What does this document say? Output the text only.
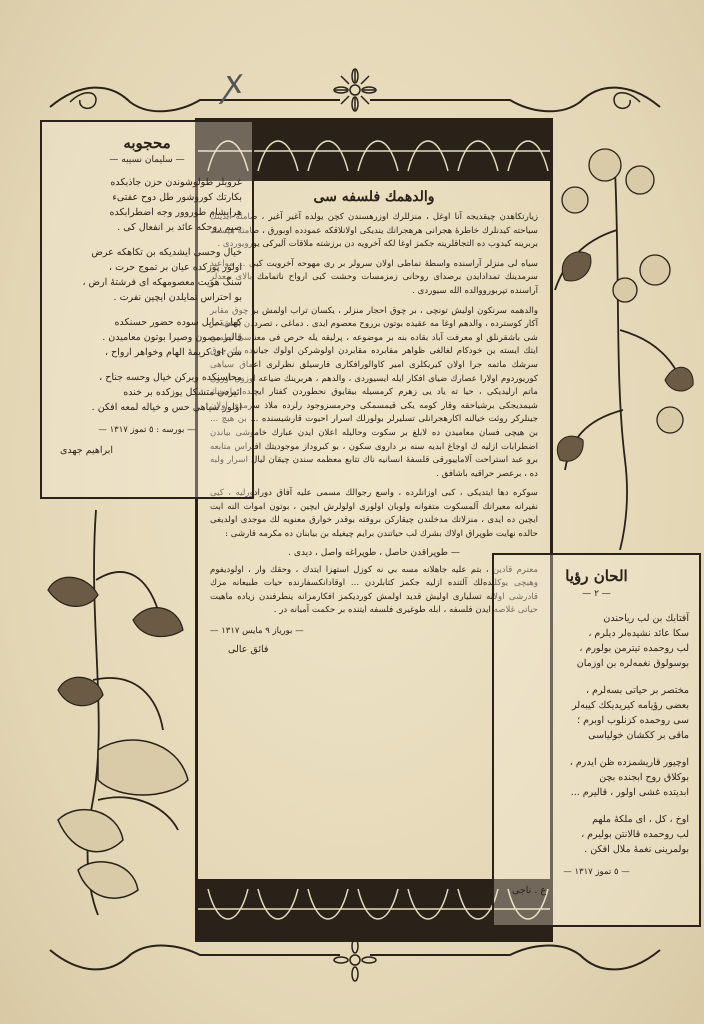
ꭗ
والدهمك فلسفه سی
زیارتکاهدن چیقدیجه آنا اوغل ، منزللرك اوزرهسندن کچن یولده آغیر آغیر ، صامته ابدینك سیاحته کیدنلرك خاطرهٔ هجرانی هرهجرانك یندیکی اولانلاقکه عمودده اوبورق ، صامته هپسنك بربرینه کیدوب ده التجاقلرینه جکمز اوغا لکه آخرویه دن برزشته ملاقات آلیرکی یورویوردی .
سیاه لی منزلر آراسنده واسطهٔ تماطی اولان سرولر بر ری مهوحه آخرویت کبی ... مواعید سرمدینك تمدادایدن برصدای روحانی زمزمسات وحشت کبی ارواح ناتمامك بالای معدلر آراسنده تپربورووالده الله سیوردی .
والدهمه سرنکون اولیش تونچی ، بر چوق احجار منزلر ، یکسان تراب اولمش بر چوق مقابر آکار کوسترده ، والدهم اوغا مه عقیده بوتون برروح معصوم ایدی . دماغی ، تصرددن باشقه بر شی باشقرنلق او معرفت آباد بقاده بنه بر موضوعه ، پرلیقه یله حرص فی معناسی تطمین ایتك ایسته ین خودکام لغالغی ظواهر مقابرده مقابردن اولوشرکن اولوك جیانیده یك چوق سرشك ماتمه جرا اولان کیریکلری امیر کاوالورافکاری فارسیلق نظرلری اعماق سیاهی کوریوردوم اولارا عصارك ضیای افکار ایله ایسیوردی ، والدهم ، هربرینك ضیاعه اوزون اوزون ماتم ارلیدیکی ، حیا ته یاد یی زهرم کرمسیله بیقایوق نحطوردن کفتار ایچنده ماضینك شیمدیجکی برشیاحقه وقار کومه یکی قیمسمکی وحرمسزوجود رلرده ملاذ سرمدی اولان جینلركر روئت خیالنه اکارهجرانلی تسلیرلر بولورلك اسرار احیوت قارشيسنده ... بن هیچ ... بن هیچی فسان معامیدن ده لابلغ بر سکوت وحالیله اعلان ایدن عبارك خاموشی بیاندن اضطرابات ازلیه ك اوجاغ ابديه سنه بر داروی سکون ، بو کبروداز موجوديتك افتراس متابعه برو عبد استراحت آلاماییورقی قلسفهٔ انسانیه ناك تتابع معظمه سندن چیقان لیال اسرار ولبه ده ، برعصر حراقیه باشافق .
سوکره دها ایتدیکی ، کبی اوزانلرده ، واسع رجوالك مسمی علیه آفاق دورادورلیه ، کیی نفیرانه معیرانك آلمسکوت متفوانه ولوبان اولوری اولولرش ایچین ، بوتون اموات النه ابت ایچین ده ایدی ، منزلاتك مدخلندن چیقارکن بروقته بوقدر خوارق معنویه لك موجدی اولديغی حالده نهایت طوپراق اولاك بشرك لب حیاتندن برایم چیغیله بن بیابنان ده مکرمه قارشی :
— طوپراقدن حاصل ، طوپراغه واصل ، دیدی .
معترم قادین ، بتم عليه جاهلانه مسه بي نه کوزل استهزا ایتدك ، وحقك وار ، اولودیفوم وهیچی یوکلنده‌لك آلتنده ازلیه جکمز کتابلردن ... اوقادانکسفارنده حیات طبیعانه مزك قادرشی اولانه تسلیاری اولیش قدید اولمش کوردیکمز افکارمزانه ینطرفندن زیاده ماهیت حیاتی غلاصه ایدن فلسفه ، ابله طوغیری فلسفه ایتنده بر حکمت آمیانه در .
— بوریاز ٩ مایس ١٣١٧ —
فائق عالی
محجوبه
— سلیمان نسیبه —
غروبلر طولوشوندن حزن جاذبکده
بکارتك كوروشور طل دوح عفتیء
هرایشام طوروور وجه اضطرابکده
صیم روحکه عائد بر انفعال کی .
خیال وحسی ایشدیکه بن تکاهکه عرض
اولور پوزکده عیان بر تموج حرت ،
سنگ هویت معصومهکه ای فرشتهٔ ارض ،
بو احتراس تمایلدن ایچین نفرت .
کهار تمایل سوده حضور حسنکده
قالیر مصون وصیرا بوتون معامیدن .
سن ای کریمهٔ الهام وخواهر ارواح ،
محاسنکده وبرکن خیال وحسه جناح ،
اثیردن متشکل یوزکده بر خنده
اولور سیاهی حس و خیاله لمعه افکن .
— بورسه : ٥ تموز ١٣١٧ —
ابراهیم جهدی
الحان رؤیا
— ٢ —
آفتابك بن لب ریاحندن
سکا عائد نشیده‌لر دیلرم ،
لب روحمده تیترمن بولورم ،
بوسولوق نغمه‌لره بن اوزمان
مختصر بر حیاتی بسه‌لرم ،
بعضی رؤیامه کیریدیکك کیبه‌لر
سی روحمده کزنلوب اوبرم ؛
ماقی بر ککشان خولیاسی
اوچیور قاریشمزده ظن ایدرم ،
بوکلاق روح ابجنده بچن
ابدیتده غشی اولور ، قالیرم ...
اوخ ، کل ، ای ملکهٔ ملهم
لب روحمده قالانتن بولیرم ،
بولمرینی نغمهٔ ملال افکن .
— ٥ تموز ١٣١٧ —
ع . ناجی
